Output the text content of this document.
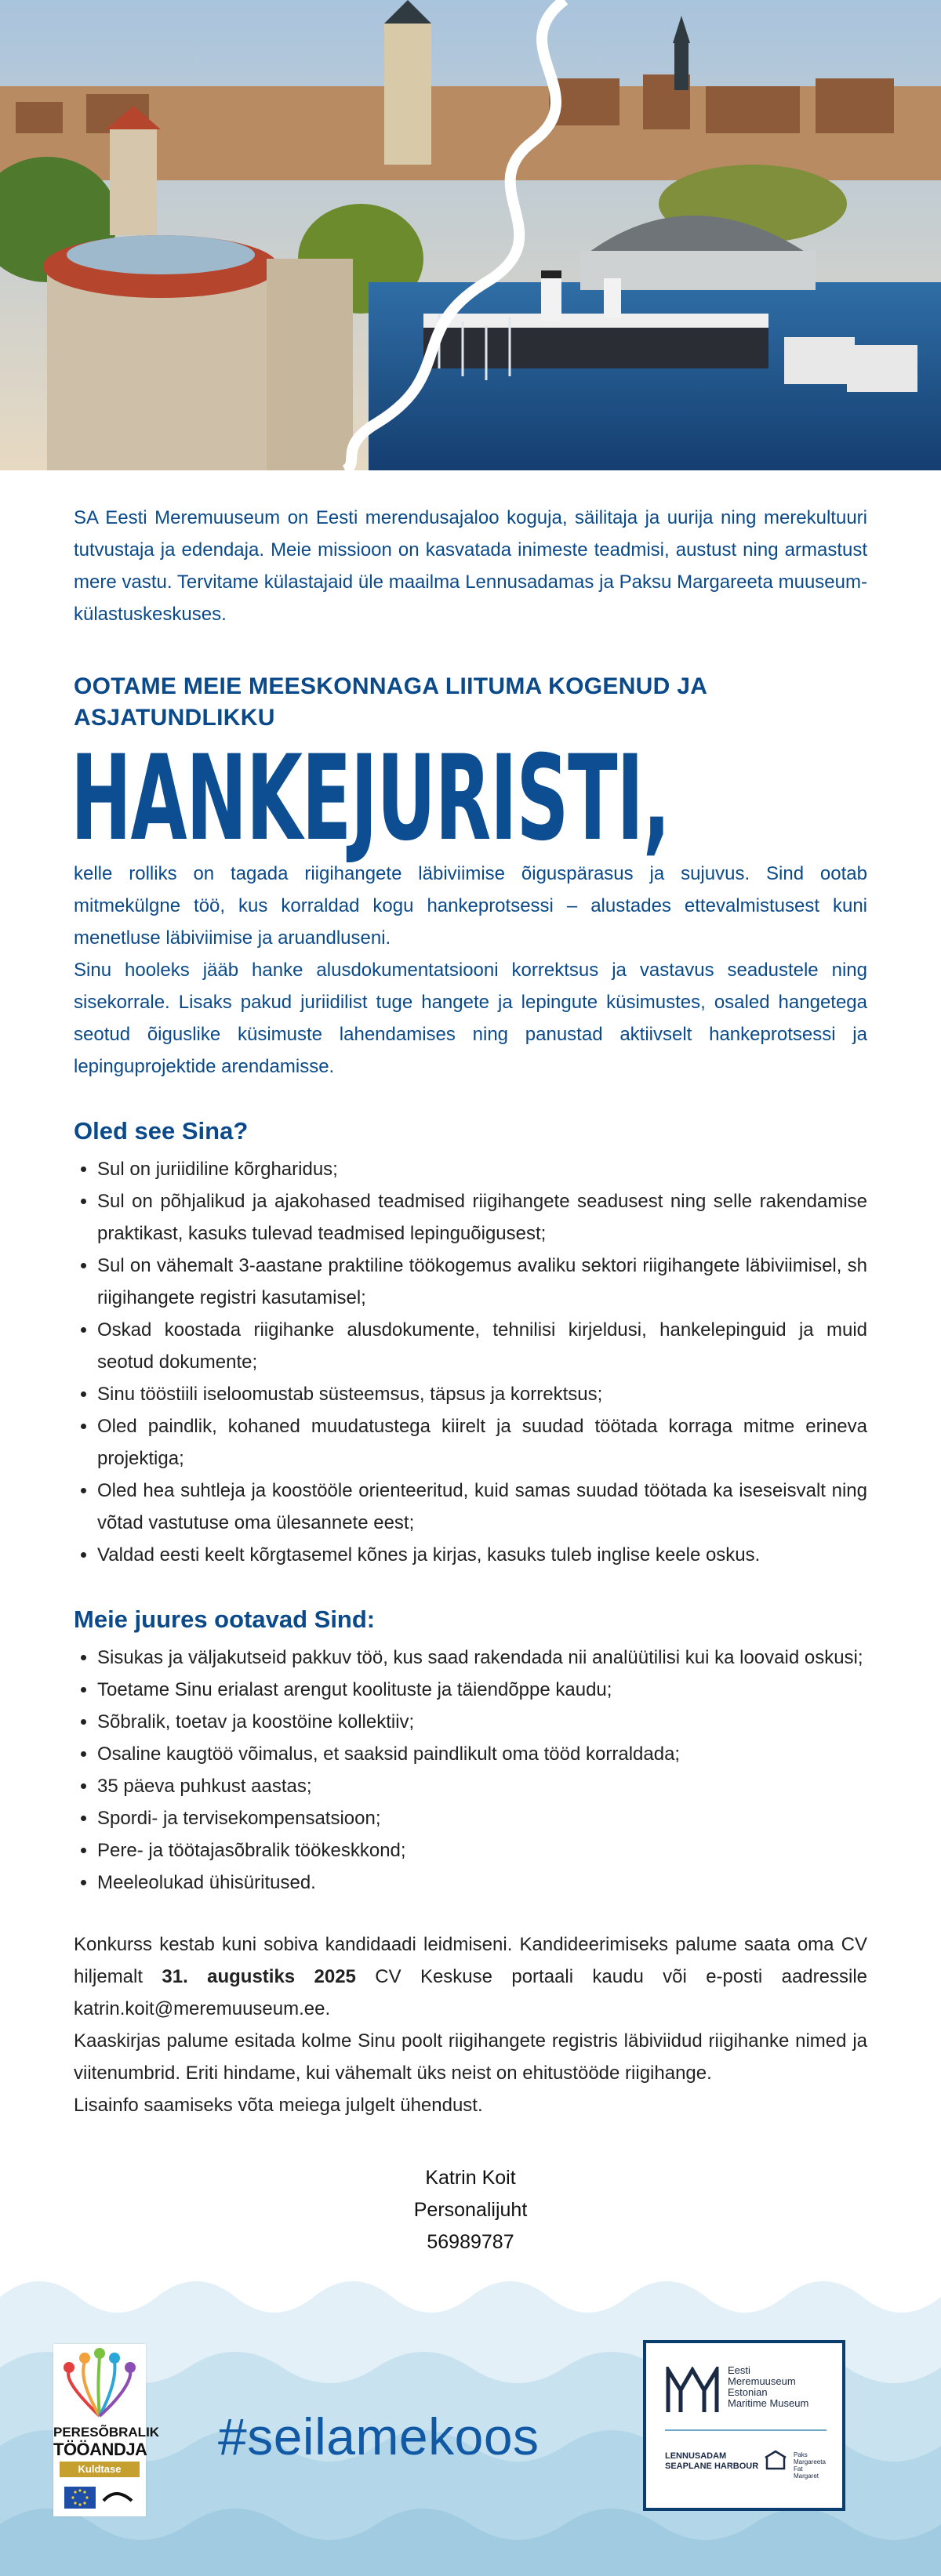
SA Eesti Meremuuseum on Eesti merendusajaloo koguja, säilitaja ja uurija ning merekultuuri tutvustaja ja edendaja. Meie missioon on kasvatada inimeste teadmisi, austust ning armastust mere vastu. Tervitame külastajaid üle maailma Lennusadamas ja Paksu Margareeta muuseum-külastuskeskuses.

OOTAME MEIE MEESKONNAGA LIITUMA KOGENUD JA ASJATUNDLIKKU

HANKEJURISTI,

kelle rolliks on tagada riigihangete läbiviimise õiguspärasus ja sujuvus. Sind ootab mitmekülgne töö, kus korraldad kogu hankeprotsessi – alustades ettevalmistusest kuni menetluse läbiviimise ja aruandluseni.

Sinu hooleks jääb hanke alusdokumentatsiooni korrektsus ja vastavus seadustele ning sisekorrale. Lisaks pakud juriidilist tuge hangete ja lepingute küsimustes, osaled hangetega seotud õiguslike küsimuste lahendamises ning panustad aktiivselt hankeprotsessi ja lepinguprojektide arendamisse.

Oled see Sina?
• Sul on juriidiline kõrgharidus;
• Sul on põhjalikud ja ajakohased teadmised riigihangete seadusest ning selle rakendamise praktikast, kasuks tulevad teadmised lepinguõigusest;
• Sul on vähemalt 3-aastane praktiline töökogemus avaliku sektori riigihangete läbiviimisel, sh riigihangete registri kasutamisel;
• Oskad koostada riigihanke alusdokumente, tehnilisi kirjeldusi, hankelepinguid ja muid seotud dokumente;
• Sinu tööstiili iseloomustab süsteemsus, täpsus ja korrektsus;
• Oled paindlik, kohaned muudatustega kiirelt ja suudad töötada korraga mitme erineva projektiga;
• Oled hea suhtleja ja koostööle orienteeritud, kuid samas suudad töötada ka iseseisvalt ning võtad vastutuse oma ülesannete eest;
• Valdad eesti keelt kõrgtasemel kõnes ja kirjas, kasuks tuleb inglise keele oskus.
Meie juures ootavad Sind:
• Sisukas ja väljakutseid pakkuv töö, kus saad rakendada nii analüütilisi kui ka loovaid oskusi;
• Toetame Sinu erialast arengut koolituste ja täiendõppe kaudu;
• Sõbralik, toetav ja koostöine kollektiiv;
• Osaline kaugtöö võimalus, et saaksid paindlikult oma tööd korraldada;
• 35 päeva puhkust aastas;
• Spordi- ja tervisekompensatsioon;
• Pere- ja töötajasõbralik töökeskkond;
• Meeleolukad ühisüritused.

Konkurss kestab kuni sobiva kandidaadi leidmiseni. Kandideerimiseks palume saata oma CV hiljemalt 31. augustiks 2025 CV Keskuse portaali kaudu või e-posti aadressile katrin.koit@meremuuseum.ee.

Kaaskirjas palume esitada kolme Sinu poolt riigihangete registris läbiviidud riigihanke nimed ja viitenumbrid. Eriti hindame, kui vähemalt üks neist on ehitustööde riigihange.

Lisainfo saamiseks võta meiega julgelt ühendust.

Katrin Koit
Personalijuht
56989787
PERESÕBRALIK
TÖÖANDJA
Kuldtase
#seilamekoos
Eesti
Meremuuseum
Estonian
Maritime Museum
LENNUSADAM
SEAPLANE HARBOUR
Paks
Margareeta
Fat
Margaret
